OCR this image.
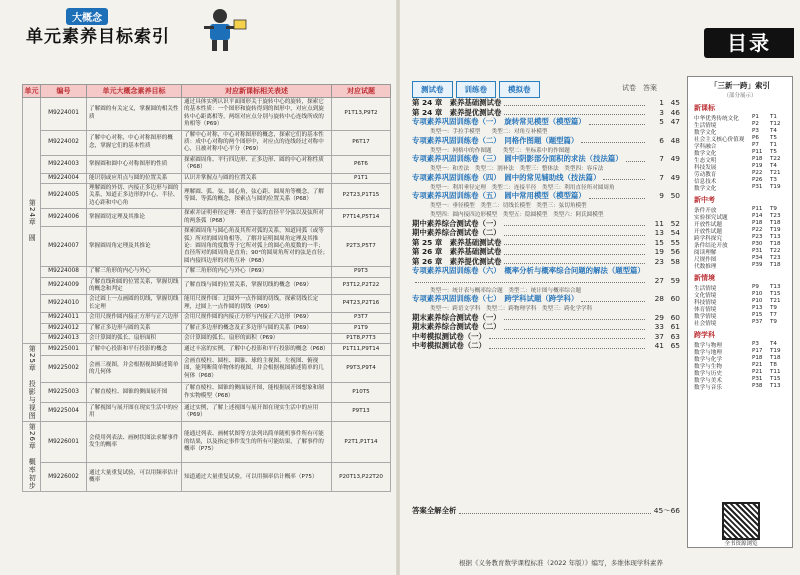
大概念
单元素养目标索引
单元	编号	单元大概念素养目标	对应新课标相关表述	对应试题
第24章　圆	M9224001	了解圆的有关定义，掌握圆的相关性质	通过具体实例认识平面图形关于旋转中心的旋转，探索它的基本性质：一个图形和旋转得到的图形中，对应点到旋转中心距离相等，两组对应点分别与旋转中心连线所成的角相等（P69）	P1T13,P9T2
	M9224002	了解中心对称，中心对称图形的概念，掌握它们的基本性质	了解中心对称，中心对称图形的概念，探索它们的基本性质：成中心对称的两个图形中，对应点的连线经过对称中心，且被对称中心平分（P69）	P6T17
	M9224003	掌握圆和圆中心对称图形的性质	探索圆周角、平行四边形、正多边形、圆的中心对称性质（P68）	P6T6
	M9224004	能识别或应用点与圆的位置关系	认识并掌握点与圆的位置关系	P1T1
	M9224005	理解圆的外切、内接正多边形与圆的关系，知道正多边形的中心、半径、边心距和中心角	理解圆、弧、弦、圆心角，弦心距、圆周角等概念，了解等圆、等弧的概念，探索点与圆的位置关系（P68）	P2T23,P1T15
	M9224006	掌握圆切定理及其推论	探索并证明垂径定理：垂直于弦的直径平分弦以及弦所对的两条弧（P68）	P7T14,P5T14
	M9224007	掌握圆周角定理及其推论	探索圆周角与圆心角及其所对弧的关系，知道同弧（或等弧）所对的圆周角相等，了解并证明圆周角定理及其推论：圆周角的度数等于它所对弧上的圆心角度数的一半；直径所对的圆周角是直角；90°的圆周角所对的弦是直径；圆内接四边形的对角互补（P68）	P2T3,P5T7
	M9224008	了解三角形的内心与外心	了解三角形的内心与外心（P69）	P9T3
	M9224009	了解直线和圆的位置关系，掌握切线的概念和判定	了解直线与圆的位置关系，掌握切线的概念（P69）	P3T12,P2T22
	M9224010	会过圆上一点画圆的切线，掌握切线长定理	能用尺规作图：过圆外一点作圆的切线，探索切线长定理，过圆上一点作圆的切线（P69）	P4T23,P2T16
	M9224011	会用尺规作圆内接正方形与正六边形	会用尺规作圆的内接正方形与内接正六边形（P69）	P3T7
	M9224012	了解正多边形与圆的关系	了解正多边形的概念及正多边形与圆的关系（P69）	P1T9
	M9224013	会计算圆的弧长、扇形面积	会计算圆的弧长、扇形的面积（P69）	P1T8,P7T3
第25章　投影与视图	M9225001	了解中心投影和平行投影的概念	通过丰富的实例，了解中心投影和平行投影的概念（P68）	P1T11,P9T14
	M9225002	会画三视图，并会根据视图描述简单的几何体	会画直棱柱、圆柱、圆锥、球的主视图、左视图、俯视图，能判断简单物体的视图，并会根据视图描述简单的几何体（P68）	P9T3,P9T4
	M9225003	了解直棱柱、圆锥的侧面展开图	了解直棱柱、圆锥的侧面展开图，能根据展开图想象和制作实物模型（P68）	P10T5
	M9225004	了解视图与展开图在现实生活中的应用	通过实例，了解上述视图与展开图在现实生活中的应用（P69）	P9T13
第26章　概率初步	M9226001	会使用列表法、画树状图法求解事件发生的概率	能通过列表、画树状图等方法列出简单随机事件所有可能的结果，以及指定事件发生的所有可能结果，了解事件的概率（P75）	P2T1,P1T14
	M9226002	通过大量重复试验，可以用频率估计概率	知道通过大量重复试验，可以用频率估计概率（P75）	P20T13,P22T20
目录
测试卷	训练卷	模拟卷	试卷　答案
第 24 章　素养基础测试卷	1 45
第 24 章　素养提优测试卷	3 46
专项素养巩固训练卷（一）　旋转常见模型（模型篇）	5 47
类型一：手拉手模型　　类型二：对角互补模型
专项素养巩固训练卷（二）　同格作图题（题型篇）	6 48
类型一：网格中的作图题　　类型二：坐标系中的作图题
专项素养巩固训练卷（三）　圆中阴影部分面积的求法（技法篇）	7 49
类型一：和差法　类型二：割补法　类型三：整体法　类型四：容斥法
专项素养巩固训练卷（四）　圆中的常见辅助线（技法篇）	7 49
类型一：利用垂径定理　类型二：连接半径　类型三：利用直径所对圆周角
专项素养巩固训练卷（五）　圆中常用模型（模型篇）	9 50
类型一：垂径模型　类型二：切线长模型　类型三：弦切角模型
类型四：圆内接四边形模型　类型五：隐圆模型　类型六：阿氏圆模型
期中素养综合测试卷（一）	11 52
期中素养综合测试卷（二）	13 54
第 25 章　素养基础测试卷	15 55
第 26 章　素养基础测试卷	19 56
第 26 章　素养提优测试卷	23 58
专项素养巩固训练卷（六）　概率分析与概率综合问题的解法（题型篇）
27 59
类型一：统计表与概率综合题　类型二：统计图与概率综合题
专项素养巩固训练卷（七）　跨学科试题（跨学科）	28 60
类型一：跨语文学科　类型二：跨物理学科　类型三：跨化学学科
期末素养综合测试卷（一）	29 60
期末素养综合测试卷（二）	33 61
中考模拟测试卷（一）	37 63
中考模拟测试卷（二）	41 65
答案全解全析	45～66
「三新一跨」索引
（部分展示）
新课标
中华优秀传统文化	P1	T1
生活情境	P2	T12
数学文化	P3	T4
社会主义核心价值观	P6	T5
学科融合	P7	T1
数学文化	P11	T5
生态文明	P18	T22
科技发展	P19	T4
劳动教育	P22	T21
信息技术	P26	T3
数学文化	P31	T19
新中考
条件开放	P11	T9
实验探究试题	P14	T23
开放性试题	P18	T18
开放性试题	P22	T19
跨学科探究	P23	T13
条件结论开放	P30	T18
阅读理解	P31	T22
尺规作图	P34	T23
代数推理	P39	T18
新情境
生活情境	P9	T13
文化情境	P10	T15
科技情境	P10	T21
体育情境	P13	T9
数学情境	P15	T7
社会情境	P37	T9
跨学科
数学与物理	P3	T4
数学与地理	P17	T19
数学与化学	P18	T18
数学与生物	P21	T8
数学与历史	P21	T11
数学与美术	P31	T15
数学与音乐	P38	T13
全书资源浏览
根据《义务教育数学课程标准（2022 年版）》编写，多维体现学科素养
